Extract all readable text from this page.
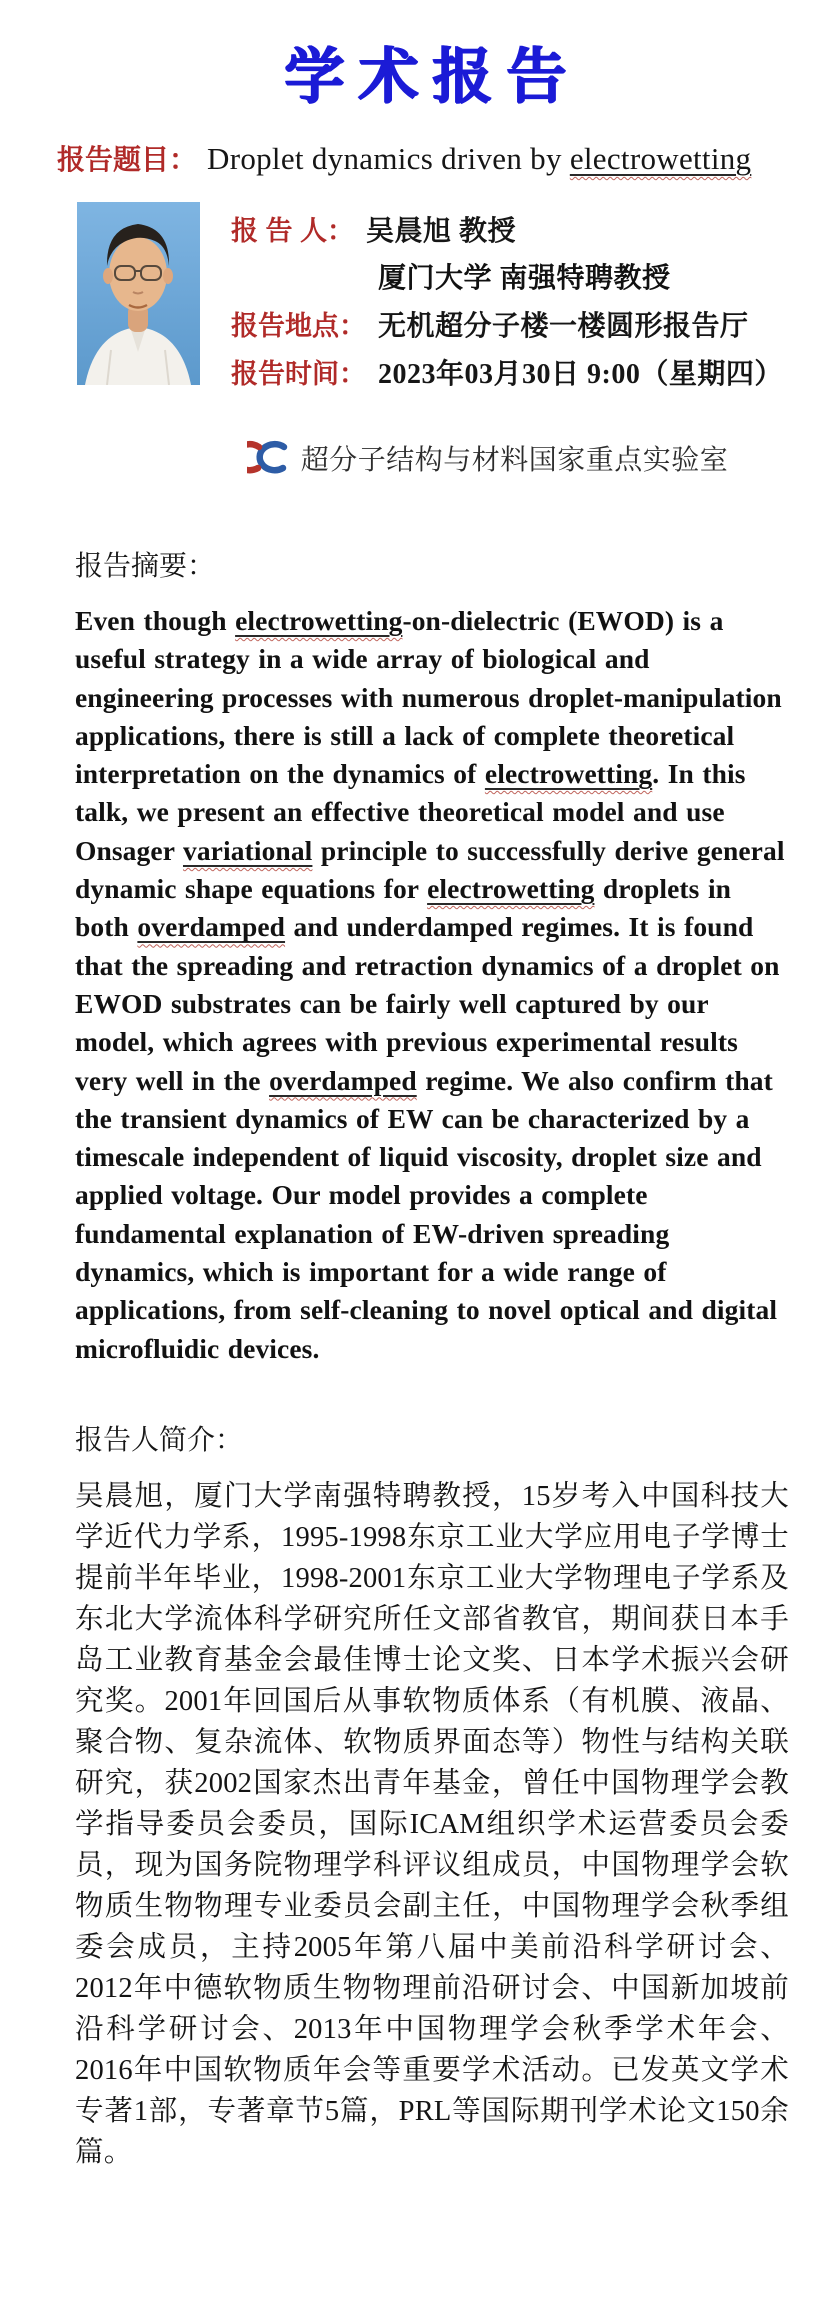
学术报告
报告题目： Droplet dynamics driven by electrowetting
报 告 人： 吴晨旭 教授
厦门大学 南强特聘教授
报告地点： 无机超分子楼一楼圆形报告厅
报告时间： 2023年03月30日 9:00（星期四）
超分子结构与材料国家重点实验室
报告摘要：

Even though electrowetting-on-dielectric (EWOD) is a useful strategy in a wide array of biological and engineering processes with numerous droplet-manipulation applications, there is still a lack of complete theoretical interpretation on the dynamics of electrowetting. In this talk, we present an effective theoretical model and use Onsager variational principle to successfully derive general dynamic shape equations for electrowetting droplets in both overdamped and underdamped regimes. It is found that the spreading and retraction dynamics of a droplet on EWOD substrates can be fairly well captured by our model, which agrees with previous experimental results very well in the overdamped regime. We also confirm that the transient dynamics of EW can be characterized by a timescale independent of liquid viscosity, droplet size and applied voltage. Our model provides a complete fundamental explanation of EW-driven spreading dynamics, which is important for a wide range of applications, from self-cleaning to novel optical and digital microfluidic devices.

报告人简介：

吴晨旭，厦门大学南强特聘教授，15岁考入中国科技大学近代力学系，1995-1998东京工业大学应用电子学博士提前半年毕业，1998-2001东京工业大学物理电子学系及东北大学流体科学研究所任文部省教官，期间获日本手岛工业教育基金会最佳博士论文奖、日本学术振兴会研究奖。2001年回国后从事软物质体系（有机膜、液晶、聚合物、复杂流体、软物质界面态等）物性与结构关联研究，获2002国家杰出青年基金，曾任中国物理学会教学指导委员会委员，国际ICAM组织学术运营委员会委员，现为国务院物理学科评议组成员，中国物理学会软物质生物物理专业委员会副主任，中国物理学会秋季组委会成员，主持2005年第八届中美前沿科学研讨会、2012年中德软物质生物物理前沿研讨会、中国新加坡前沿科学研讨会、2013年中国物理学会秋季学术年会、2016年中国软物质年会等重要学术活动。已发英文学术专著1部，专著章节5篇，PRL等国际期刊学术论文150余篇。
